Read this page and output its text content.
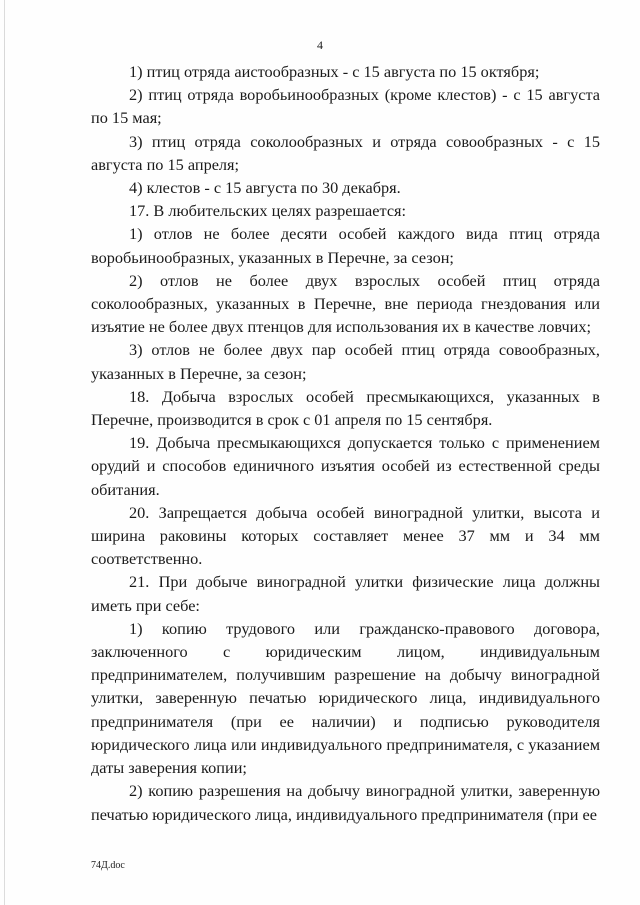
4

1) птиц отряда аистообразных - с 15 августа по 15 октября;

2) птиц отряда воробьинообразных (кроме клестов) - с 15 августа по 15 мая;

3) птиц отряда соколообразных и отряда совообразных - с 15 августа по 15 апреля;

4) клестов - с 15 августа по 30 декабря.

17. В любительских целях разрешается:

1) отлов не более десяти особей каждого вида птиц отряда воробьинообразных, указанных в Перечне, за сезон;

2) отлов не более двух взрослых особей птиц отряда соколообразных, указанных в Перечне, вне периода гнездования или изъятие не более двух птенцов для использования их в качестве ловчих;

3) отлов не более двух пар особей птиц отряда совообразных, указанных в Перечне, за сезон;

18. Добыча взрослых особей пресмыкающихся, указанных в Перечне, производится в срок с 01 апреля по 15 сентября.

19. Добыча пресмыкающихся допускается только с применением орудий и способов единичного изъятия особей из естественной среды обитания.

20. Запрещается добыча особей виноградной улитки, высота и ширина раковины которых составляет менее 37 мм и 34 мм соответственно.

21. При добыче виноградной улитки физические лица должны иметь при себе:

1) копию трудового или гражданско-правового договора, заключенного с юридическим лицом, индивидуальным предпринимателем, получившим разрешение на добычу виноградной улитки, заверенную печатью юридического лица, индивидуального предпринимателя (при ее наличии) и подписью руководителя юридического лица или индивидуального предпринимателя, с указанием даты заверения копии;

2) копию разрешения на добычу виноградной улитки, заверенную печатью юридического лица, индивидуального предпринимателя (при ее

74Д.doc
